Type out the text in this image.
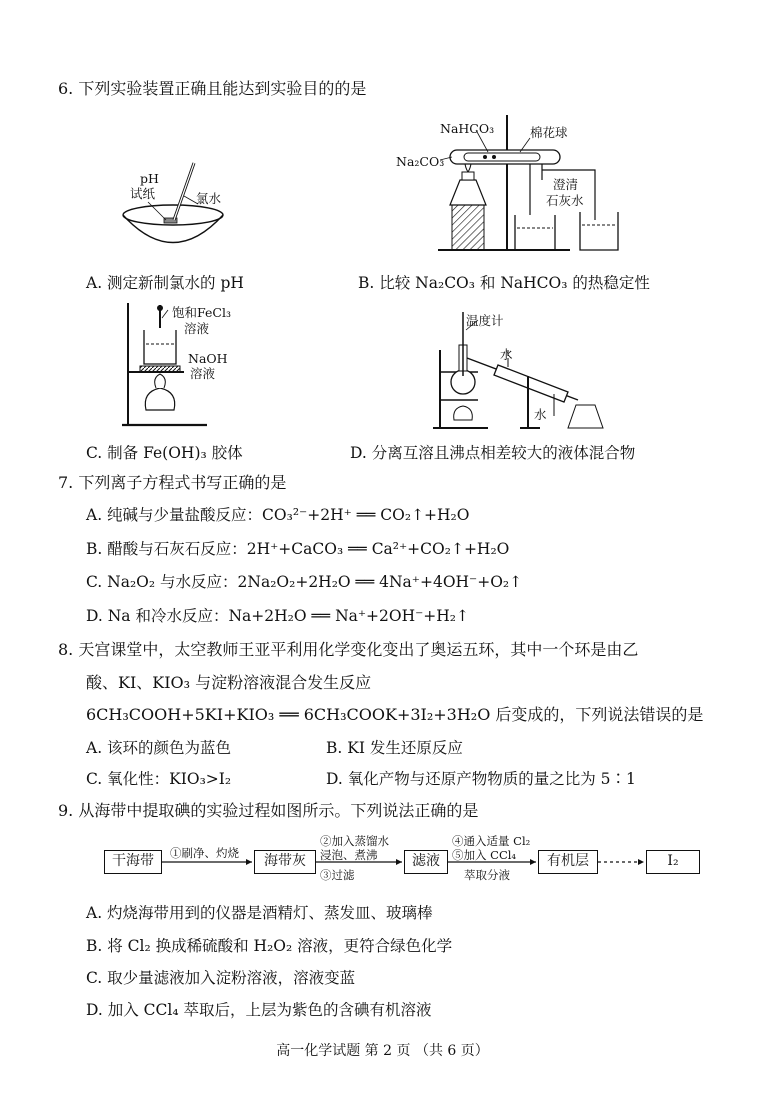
6. 下列实验装置正确且能达到实验目的的是
pH
试纸	氯水
NaHCO₃
Na₂CO₃
棉花球
澄清
石灰水
A. 测定新制氯水的 pH	B. 比较 Na₂CO₃ 和 NaHCO₃ 的热稳定性
饱和FeCl₃
溶液
NaOH
溶液
温度计
水
水
C. 制备 Fe(OH)₃ 胶体	D. 分离互溶且沸点相差较大的液体混合物
7. 下列离子方程式书写正确的是
A. 纯碱与少量盐酸反应：CO₃²⁻+2H⁺ ══ CO₂↑+H₂O
B. 醋酸与石灰石反应：2H⁺+CaCO₃ ══ Ca²⁺+CO₂↑+H₂O
C. Na₂O₂ 与水反应：2Na₂O₂+2H₂O ══ 4Na⁺+4OH⁻+O₂↑
D. Na 和冷水反应：Na+2H₂O ══ Na⁺+2OH⁻+H₂↑
8. 天宫课堂中，太空教师王亚平利用化学变化变出了奥运五环，其中一个环是由乙
酸、KI、KIO₃ 与淀粉溶液混合发生反应
6CH₃COOH+5KI+KIO₃ ══ 6CH₃COOK+3I₂+3H₂O 后变成的，下列说法错误的是
A. 该环的颜色为蓝色	B. KI 发生还原反应
C. 氧化性：KIO₃>I₂	D. 氧化产物与还原产物物质的量之比为 5∶1
9. 从海带中提取碘的实验过程如图所示。下列说法正确的是
干海带	①刷净、灼烧	海带灰
②加入蒸馏水
浸泡、煮沸
③过滤
滤液
④通入适量 Cl₂
⑤加入 CCl₄
萃取分液
有机层	I₂
A. 灼烧海带用到的仪器是酒精灯、蒸发皿、玻璃棒
B. 将 Cl₂ 换成稀硫酸和 H₂O₂ 溶液，更符合绿色化学
C. 取少量滤液加入淀粉溶液，溶液变蓝
D. 加入 CCl₄ 萃取后，上层为紫色的含碘有机溶液
高一化学试题 第 2 页 （共 6 页）
